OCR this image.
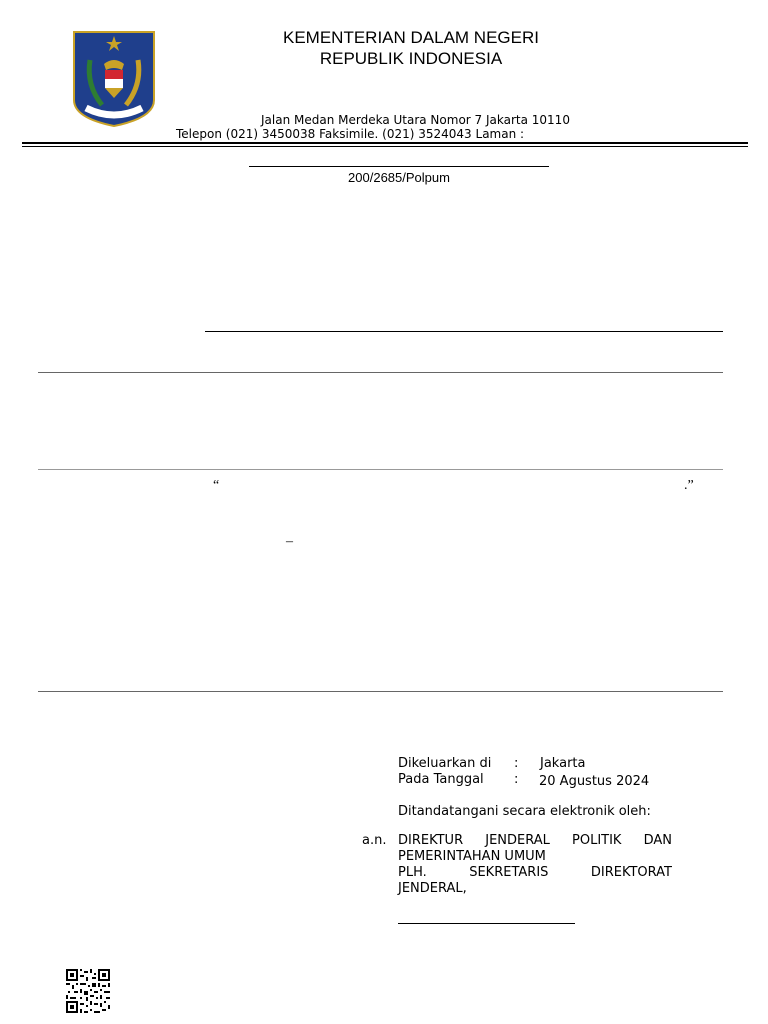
KEMENTERIAN DALAM NEGERI
REPUBLIK INDONESIA
Jalan Medan Merdeka Utara Nomor 7 Jakarta 10110
Telepon (021) 3450038 Faksimile. (021) 3524043 Laman :
200/2685/Polpum
“	.”
–
Dikeluarkan di : Jakarta
Pada Tanggal : 20 Agustus 2024
Ditandatangani secara elektronik oleh:
a.n. DIREKTUR JENDERAL POLITIK DAN
PEMERINTAHAN UMUM
PLH.	SEKRETARIS	DIREKTORAT
JENDERAL,
